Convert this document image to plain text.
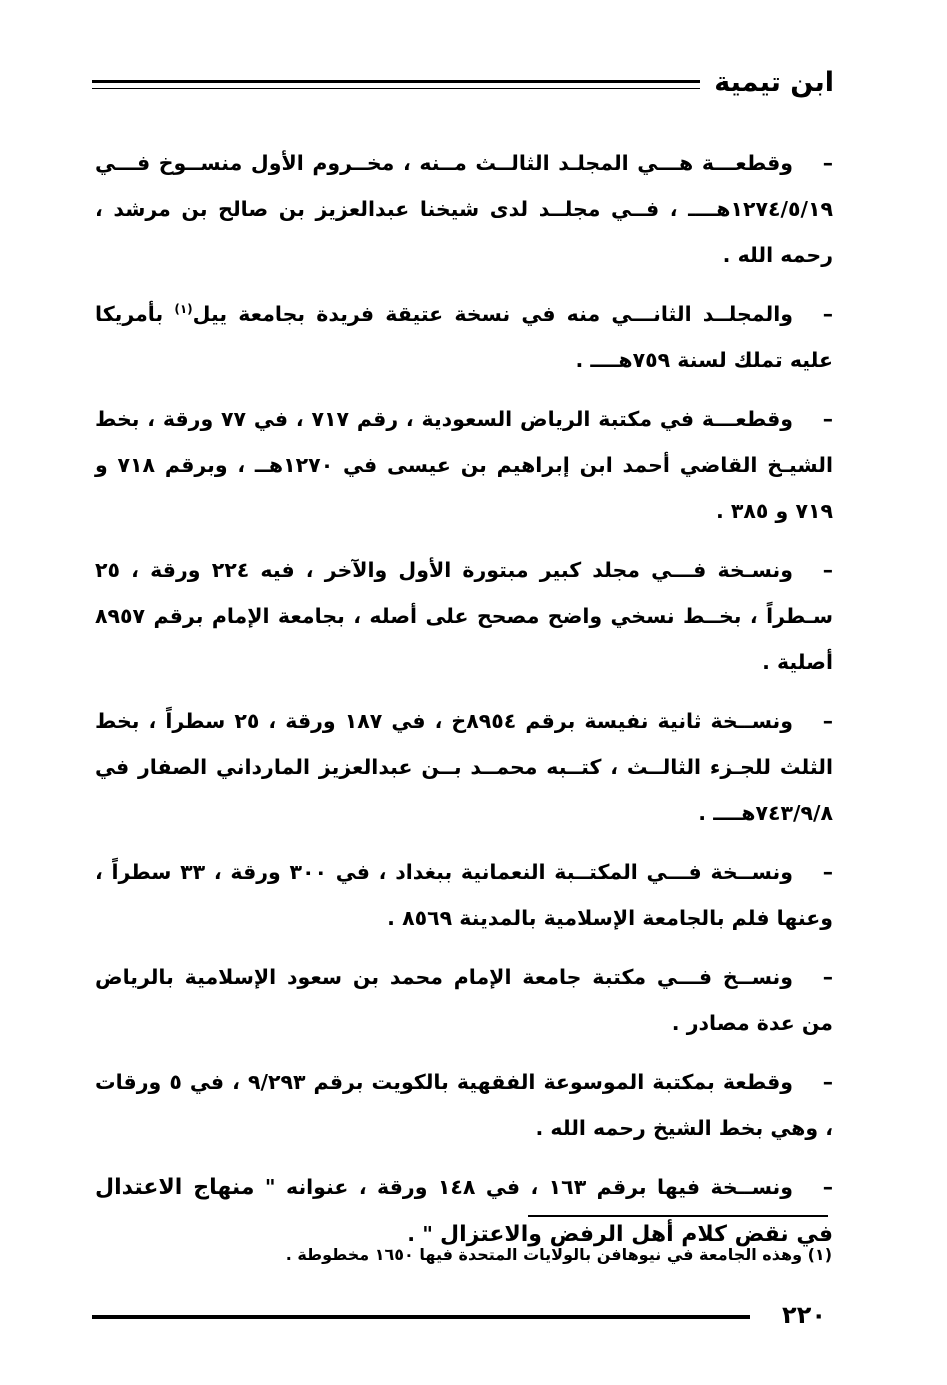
ابن تيمية

–وقطعـــة هـــي المجلـد الثالــث مــنه ، مخــروم الأول منســوخ فـــي ١٢٧٤/٥/١٩هــــ ، فــي مجلــد لدى شيخنا عبدالعزيز بن صالح بن مرشد ، رحمه الله .

–والمجلــد الثانـــي منه في نسخة عتيقة فريدة بجامعة ييل$^{(١)}$ بأمريكا عليه تملك لسنة ٧٥٩هــــ .

–وقطعـــة في مكتبة الرياض السعودية ، رقم ٧١٧ ، في ٧٧ ورقة ، بخط الشيـخ القاضي أحمد ابن إبراهيم بن عيسى في ١٢٧٠هــ ، وبرقم ٧١٨ و ٧١٩ و ٣٨٥ .

–ونسـخة فـــي مجلد كبير مبتورة الأول والآخر ، فيه ٢٢٤ ورقة ، ٢٥ سـطراً ، بخــط نسخي واضح مصحح على أصله ، بجامعة الإمام برقم ٨٩٥٧ أصلية .

–ونســخة ثانية نفيسة برقم ٨٩٥٤خ ، في ١٨٧ ورقة ، ٢٥ سطراً ، بخط الثلث للجـزء الثالــث ، كتــبه محمــد بــن عبدالعزيز المارداني الصفار في ٧٤٣/٩/٨هــــ .

–ونســخة فـــي المكتــبة النعمانية ببغداد ، في ٣٠٠ ورقة ، ٣٣ سطراً ، وعنها فلم بالجامعة الإسلامية بالمدينة ٨٥٦٩ .

–ونســخ فـــي مكتبة جامعة الإمام محمد بن سعود الإسلامية بالرياض من عدة مصادر .

–وقطعة بمكتبة الموسوعة الفقهية بالكويت برقم ٩/٢٩٣ ، في ٥ ورقات ، وهي بخط الشيخ رحمه الله .

–ونســخة فيها برقم ١٦٣ ، في ١٤٨ ورقة ، عنوانه " منهاج الاعتدال في نقض كلام أهل الرفض والاعتزال " .

(١) وهذه الجامعة في نيوهافن بالولايات المتحدة فيها ١٦٥٠ مخطوطة .
٢٢٠
